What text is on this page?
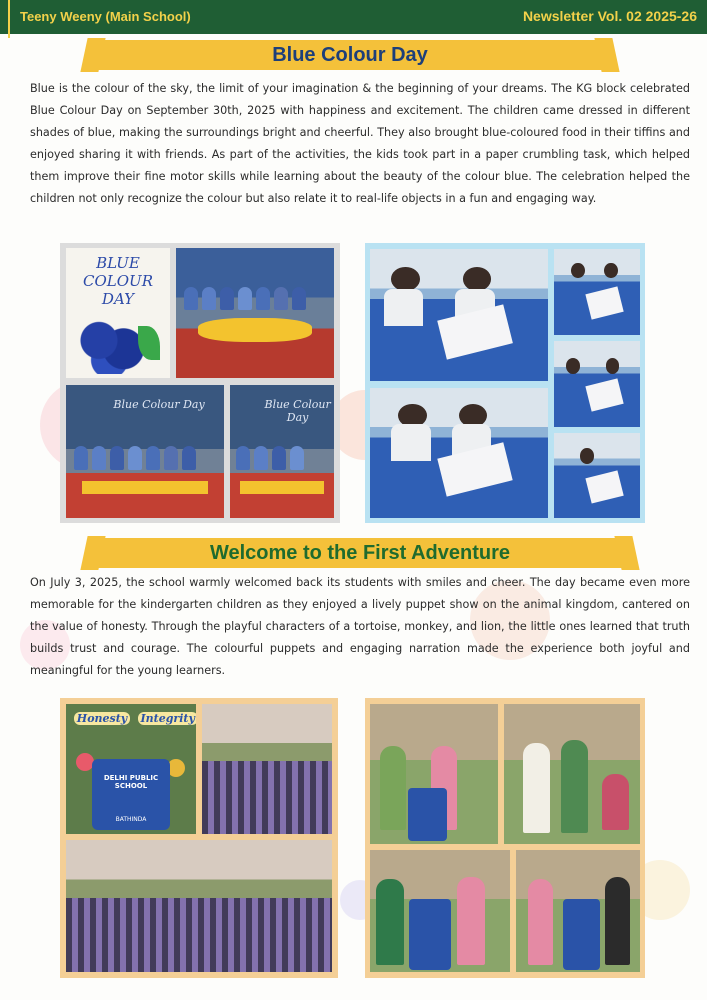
Teeny Weeny (Main School)	Newsletter Vol. 02 2025-26
Blue Colour Day

Blue is the colour of the sky, the limit of your imagination & the beginning of your dreams. The KG block celebrated Blue Colour Day on September 30th, 2025 with happiness and excitement. The children came dressed in different shades of blue, making the surroundings bright and cheerful. They also brought blue-coloured food in their tiffins and enjoyed sharing it with friends. As part of the activities, the kids took part in a paper crumbling task, which helped them improve their fine motor skills while learning about the beauty of the colour blue. The celebration helped the children not only recognize the colour but also relate it to real-life objects in a fun and engaging way.

BLUE COLOUR DAY
Blue Colour Day	Blue Colour Day
Welcome to the First Adventure

On July 3, 2025, the school warmly welcomed back its students with smiles and cheer. The day became even more memorable for the kindergarten children as they enjoyed a lively puppet show on the animal kingdom, cantered on the value of honesty. Through the playful characters of a tortoise, monkey, and lion, the little ones learned that truth builds trust and courage. The colourful puppets and engaging narration made the experience both joyful and meaningful for the young learners.

Honesty Integrity
DELHI PUBLIC SCHOOL
BATHINDA
